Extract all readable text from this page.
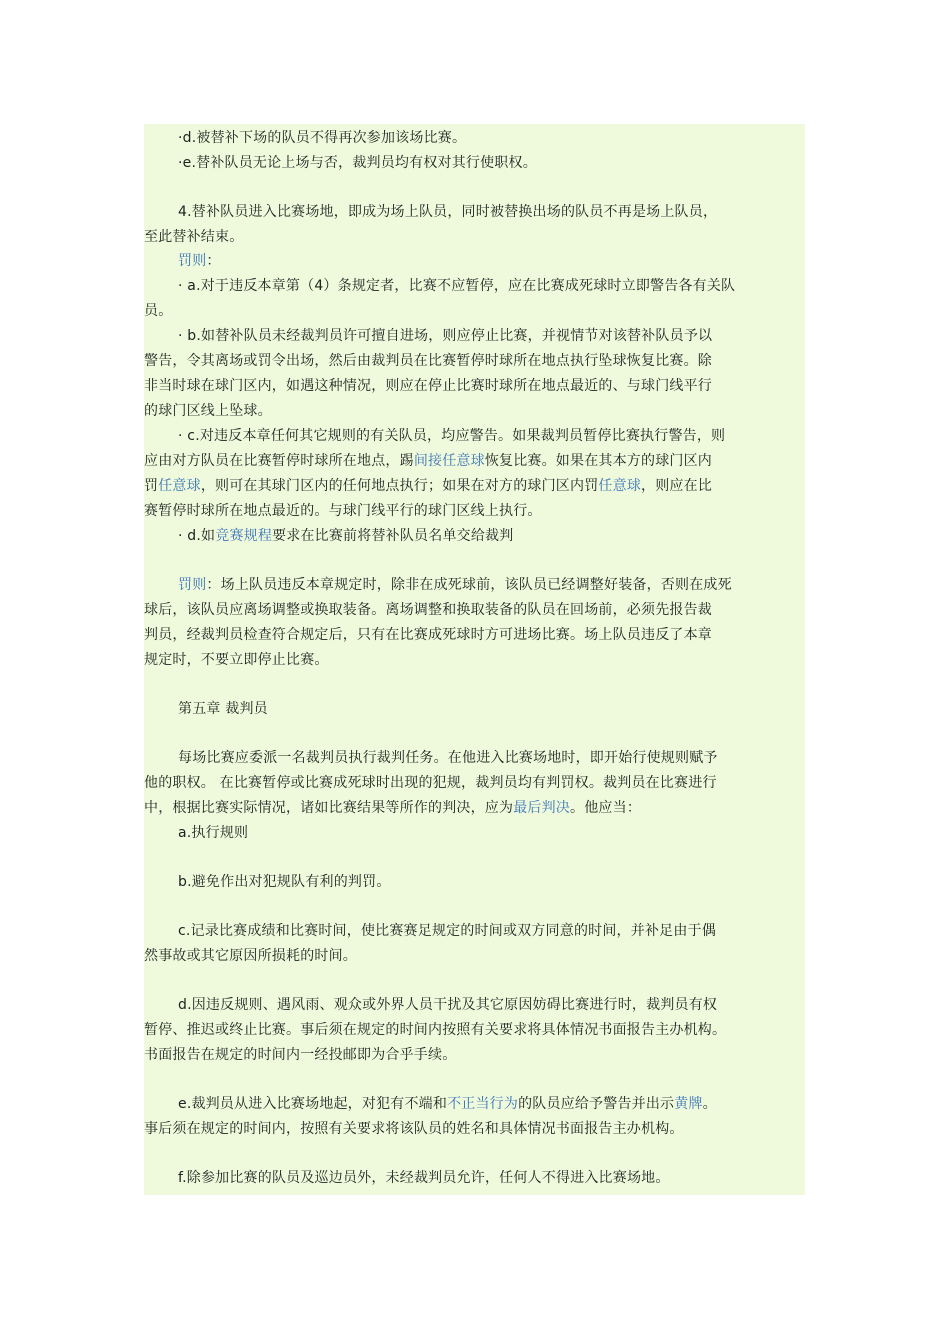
·d.被替补下场的队员不得再次参加该场比赛。
·e.替补队员无论上场与否，裁判员均有权对其行使职权。
4.替补队员进入比赛场地，即成为场上队员，同时被替换出场的队员不再是场上队员，
至此替补结束。
罚则：
· a.对于违反本章第（4）条规定者，比赛不应暂停，应在比赛成死球时立即警告各有关队
员。
· b.如替补队员未经裁判员许可擅自进场，则应停止比赛，并视情节对该替补队员予以
警告，令其离场或罚令出场，然后由裁判员在比赛暂停时球所在地点执行坠球恢复比赛。除
非当时球在球门区内，如遇这种情况，则应在停止比赛时球所在地点最近的、与球门线平行
的球门区线上坠球。
· c.对违反本章任何其它规则的有关队员，均应警告。如果裁判员暂停比赛执行警告，则
应由对方队员在比赛暂停时球所在地点，踢间接任意球恢复比赛。如果在其本方的球门区内
罚任意球，则可在其球门区内的任何地点执行；如果在对方的球门区内罚任意球，则应在比
赛暂停时球所在地点最近的。与球门线平行的球门区线上执行。
· d.如竞赛规程要求在比赛前将替补队员名单交给裁判
罚则：场上队员违反本章规定时，除非在成死球前，该队员已经调整好装备，否则在成死
球后，该队员应离场调整或换取装备。离场调整和换取装备的队员在回场前，必须先报告裁
判员，经裁判员检查符合规定后，只有在比赛成死球时方可进场比赛。场上队员违反了本章
规定时，不要立即停止比赛。
第五章 裁判员
每场比赛应委派一名裁判员执行裁判任务。在他进入比赛场地时，即开始行使规则赋予
他的职权。 在比赛暂停或比赛成死球时出现的犯规，裁判员均有判罚权。裁判员在比赛进行
中，根据比赛实际情况，诸如比赛结果等所作的判决，应为最后判决。他应当：
a.执行规则
b.避免作出对犯规队有利的判罚。
c.记录比赛成绩和比赛时间，使比赛赛足规定的时间或双方同意的时间，并补足由于偶
然事故或其它原因所损耗的时间。
d.因违反规则、遇风雨、观众或外界人员干扰及其它原因妨碍比赛进行时，裁判员有权
暂停、推迟或终止比赛。事后须在规定的时间内按照有关要求将具体情况书面报告主办机构。
书面报告在规定的时间内一经投邮即为合乎手续。
e.裁判员从进入比赛场地起，对犯有不端和不正当行为的队员应给予警告并出示黄牌。
事后须在规定的时间内，按照有关要求将该队员的姓名和具体情况书面报告主办机构。
f.除参加比赛的队员及巡边员外，未经裁判员允许，任何人不得进入比赛场地。
